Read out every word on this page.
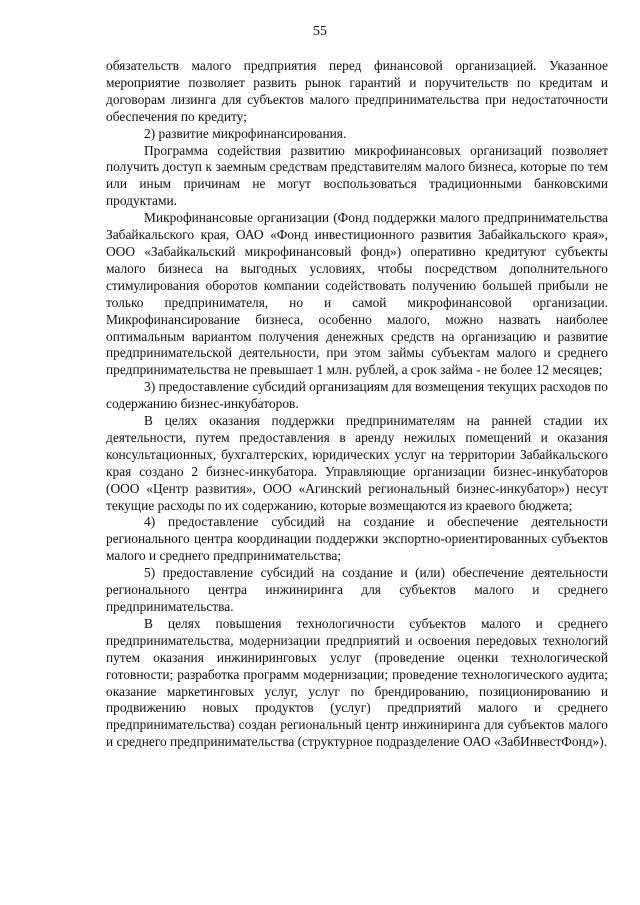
55

обязательств малого предприятия перед финансовой организацией. Указанное мероприятие позволяет развить рынок гарантий и поручительств по кредитам и договорам лизинга для субъектов малого предпринимательства при недостаточности обеспечения по кредиту;

2) развитие микрофинансирования.

Программа содействия развитию микрофинансовых организаций позволяет получить доступ к заемным средствам представителям малого бизнеса, которые по тем или иным причинам не могут воспользоваться традиционными банковскими продуктами.

Микрофинансовые организации (Фонд поддержки малого предпринимательства Забайкальского края, ОАО «Фонд инвестиционного развития Забайкальского края», ООО «Забайкальский микрофинансовый фонд») оперативно кредитуют субъекты малого бизнеса на выгодных условиях, чтобы посредством дополнительного стимулирования оборотов компании содействовать получению большей прибыли не только предпринимателя, но и самой микрофинансовой организации. Микрофинансирование бизнеса, особенно малого, можно назвать наиболее оптимальным вариантом получения денежных средств на организацию и развитие предпринимательской деятельности, при этом займы субъектам малого и среднего предпринимательства не превышает 1 млн. рублей, а срок займа - не более 12 месяцев;

3) предоставление субсидий организациям для возмещения текущих расходов по содержанию бизнес-инкубаторов.

В целях оказания поддержки предпринимателям на ранней стадии их деятельности, путем предоставления в аренду нежилых помещений и оказания консультационных, бухгалтерских, юридических услуг на территории Забайкальского края создано 2 бизнес-инкубатора. Управляющие организации бизнес-инкубаторов (ООО «Центр развития», ООО «Агинский региональный бизнес-инкубатор») несут текущие расходы по их содержанию, которые возмещаются из краевого бюджета;

4) предоставление субсидий на создание и обеспечение деятельности регионального центра координации поддержки экспортно-ориентированных субъектов малого и среднего предпринимательства;

5) предоставление субсидий на создание и (или) обеспечение деятельности регионального центра инжиниринга для субъектов малого и среднего предпринимательства.

В целях повышения технологичности субъектов малого и среднего предпринимательства, модернизации предприятий и освоения передовых технологий путем оказания инжиниринговых услуг (проведение оценки технологической готовности; разработка программ модернизации; проведение технологического аудита; оказание маркетинговых услуг, услуг по брендированию, позиционированию и продвижению новых продуктов (услуг) предприятий малого и среднего предпринимательства) создан региональный центр инжиниринга для субъектов малого и среднего предпринимательства (структурное подразделение ОАО «ЗабИнвестФонд»).
